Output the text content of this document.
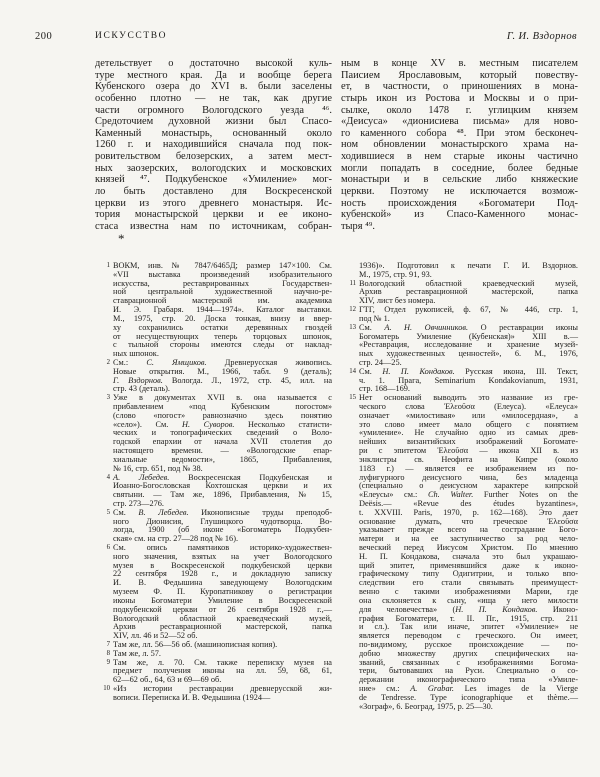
200	ИСКУССТВО	Г. И. Вздорнов
детельствует о достаточно высокой куль-
туре местного края. Да и вообще берега
Кубенского озера до XVI в. были заселены
особенно плотно — не так, как другие
части огромного Вологодского уезда ⁴⁶.
Средоточием духовной жизни был Спасо-
Каменный монастырь, основанный около
1260 г. и находившийся сначала под пок-
ровительством белозерских, а затем мест-
ных заозерских, вологодских и московских
князей ⁴⁷. Подкубенское «Умиление» мог-
ло быть доставлено для Воскресенской
церкви из этого древнего монастыря. Ис-
тория монастырской церкви и ее иконо-
стаса известна нам по источникам, собран-
ным в конце XV в. местным писателем
Паисием Ярославовым, который повеству-
ет, в частности, о приношениях в мона-
стырь икон из Ростова и Москвы и о при-
сылке, около 1478 г. углицким князем
«Деисуса» «дионисиева письма» для ново-
го каменного собора ⁴⁸. При этом бесконеч-
ном обновлении монастырского храма на-
ходившиеся в нем старые иконы частично
могли попадать в соседние, более бедные
монастыри и в сельские либо княжеские
церкви. Поэтому не исключается возмож-
ность происхождения «Богоматери Под-
кубенской» из Спасо-Каменного монас-
тыря ⁴⁹.
*
1 ВОКМ, инв. № 7847/6465Д; размер 147×100. См.
«VII выставка произведений изобразительного
искусства, реставрированных Государствен-
ной центральной художественной научно-ре-
ставрационной мастерской им. академика
И. Э. Грабаря. 1944—1974». Каталог выставки.
М., 1975, стр. 20. Доска тонкая, внизу и ввер-
ху сохранились остатки деревянных гвоздей
от несуществующих теперь торцовых шпонок,
с тыльной стороны имеются следы от наклад-
ных шпонок.
2 См.: С. Ямщиков. Древнерусская живопись.
Новые открытия. М., 1966, табл. 9 (деталь);
Г. Вздорнов. Вологда. Л., 1972, стр. 45, илл. на
стр. 43 (деталь).
3 Уже в документах XVII в. она называется с
прибавлением «под Кубенским погостом»
(слово «погост» равнозначно здесь понятию
«село»). См. Н. Суворов. Несколько статисти-
ческих и топографических сведений о Воло-
годской епархии от начала XVII столетия до
настоящего времени. — «Вологодские епар-
хиальные ведомости», 1865, Прибавления,
№ 16, стр. 651, под № 38.
4 А. Лебедев. Воскресенская Подкубенская и
Иоанно-Богословская Кохтошская церкви и их
святыни. — Там же, 1896, Прибавления, № 15,
стр. 273—276.
5 См. В. Лебедев. Иконописные труды преподоб-
ного Дионисия, Глушицкого чудотворца. Во-
логда, 1900 (об иконе «Богоматерь Подкубен-
ская» см. на стр. 27—28 под № 16).
6 См. опись памятников историко-художествен-
ного значения, взятых на учет Вологодского
музея в Воскресенской подкубенской церкви
22 сентября 1928 г., и докладную записку
И. В. Федышина заведующему Вологодским
музеем Ф. П. Куропатникову о регистрации
иконы Богоматери Умиление в Воскресенской
подкубенской церкви от 26 сентября 1928 г.,—
Вологодский областной краеведческий музей,
Архив реставрационной мастерской, папка
XIV, лл. 46 и 52—52 об.
7 Там же, лл. 56—56 об. (машинописная копия).
8 Там же, л. 57.
9 Там же, л. 70. См. также переписку музея на
предмет получения иконы на лл. 59, 68, 61,
62—62 об., 64, 63 и 69—69 об.
10 «Из истории реставрации древнерусской жи-
вописи. Переписка И. В. Федышина (1924—
1936)». Подготовил к печати Г. И. Вздорнов.
М., 1975, стр. 91, 93.
11 Вологодский областной краеведческий музей,
Архив реставрационной мастерской, папка
XIV, лист без номера.
12 ГТГ, Отдел рукописей, ф. 67, № 446, стр. 1,
под № 1.
13 См. А. Н. Овчинников. О реставрации иконы
Богоматерь Умиление (Кубенская)» XIII в.—
«Реставрация, исследование и хранение музей-
ных художественных ценностей», 6. М., 1976,
стр. 24—25.
14 См. Н. П. Кондаков. Русская икона, III. Текст,
ч. 1. Прага, Seminarium Kondakovianum, 1931,
стр. 168—169.
15 Нет оснований выводить это название из гре-
ческого слова Ἐλεοῦσα (Елеуса). «Елеуса»
означает «милостивая» или «милосердная», а
это слово имеет мало общего с понятием
«умиление». Не случайно одно из самых древ-
нейших византийских изображений Богомате-
ри с эпитетом Ἐλεοῦσα — икона XII в. из
энклистры св. Неофита на Кипре (около
1183 г.) — является ее изображением из по-
луфигурного деисусного чина, без младенца
(специально о деисусном характере кипрской
«Елеусы» см.: Ch. Walter. Further Notes on the
Deësis.— «Revue des études byzantines»,
t. XXVIII. Paris, 1970, p. 162—168). Это дает
основание думать, что греческое Ἐλεοῦσα
указывает прежде всего на сострадание Бого-
матери и на ее заступничество за род чело-
веческий перед Иисусом Христом. По мнению
Н. П. Кондакова, сначала это был украшаю-
щий эпитет, применявшийся даже к иконо-
графическому типу Одигитрии, и только впо-
следствии его стали связывать преимущест-
венно с такими изображениями Марии, где
она склоняется к сыну, «ища у него милости
для человечества» (Н. П. Кондаков. Иконо-
графия Богоматери, т. II. Пг., 1915, стр. 211
и сл.). Так или иначе, эпитет «Умиление» не
является переводом с греческого. Он имеет,
по-видимому, русское происхождение — по-
добно множеству других специфических на-
званий, связанных с изображениями Богома-
тери, бытовавших на Руси. Специально о со-
держании иконографического типа «Умиле-
ние» см.: A. Grabar. Les images de la Vierge
de Tendresse. Type iconographique et thème.—
«Зограф», 6. Београд, 1975, р. 25—30.
